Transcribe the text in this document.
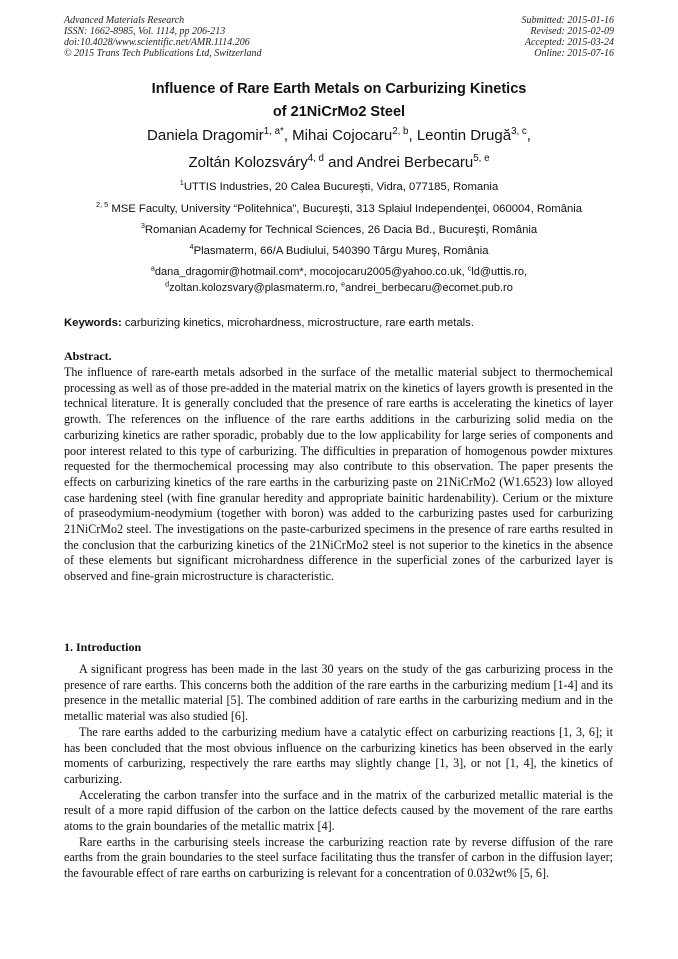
Advanced Materials Research
ISSN: 1662-8985, Vol. 1114, pp 206-213
doi:10.4028/www.scientific.net/AMR.1114.206
© 2015 Trans Tech Publications Ltd, Switzerland
Submitted: 2015-01-16
Revised: 2015-02-09
Accepted: 2015-03-24
Online: 2015-07-16
Influence of Rare Earth Metals on Carburizing Kinetics
of 21NiCrMo2 Steel
Daniela Dragomir$^{1, a*}$, Mihai Cojocaru$^{2, b}$, Leontin Drugă$^{3, c}$,
Zoltán Kolozsváry$^{4, d}$ and Andrei Berbecaru$^{5, e}$
$^1$UTTIS Industries, 20 Calea Bucureşti, Vidra, 077185, Romania
$^{2, 5}$ MSE Faculty, University “Politehnica”, Bucureşti, 313 Splaiul Independenţei, 060004, România
$^3$Romanian Academy for Technical Sciences, 26 Dacia Bd., Bucureşti, România
$^4$Plasmaterm, 66/A Budiului, 540390 Târgu Mureş, România
$^a$dana_dragomir@hotmail.com*, mocojocaru2005@yahoo.co.uk, $^c$ld@uttis.ro,
$^d$zoltan.kolozsvary@plasmaterm.ro, $^e$andrei_berbecaru@ecomet.pub.ro
Keywords: carburizing kinetics, microhardness, microstructure, rare earth metals.
Abstract.
The influence of rare-earth metals adsorbed in the surface of the metallic material subject to thermochemical processing as well as of those pre-added in the material matrix on the kinetics of layers growth is presented in the technical literature. It is generally concluded that the presence of rare earths is accelerating the kinetics of layer growth. The references on the influence of the rare earths additions in the carburizing solid media on the carburizing kinetics are rather sporadic, probably due to the low applicability for large series of components and poor interest related to this type of carburizing. The difficulties in preparation of homogenous powder mixtures requested for the thermochemical processing may also contribute to this observation. The paper presents the effects on carburizing kinetics of the rare earths in the carburizing paste on 21NiCrMo2 (W1.6523) low alloyed case hardening steel (with fine granular heredity and appropriate bainitic hardenability). Cerium or the mixture of praseodymium-neodymium (together with boron) was added to the carburizing pastes used for carburizing 21NiCrMo2 steel. The investigations on the paste-carburized specimens in the presence of rare earths resulted in the conclusion that the carburizing kinetics of the 21NiCrMo2 steel is not superior to the kinetics in the absence of these elements but significant microhardness difference in the superficial zones of the carburized layer is observed and fine-grain microstructure is characteristic.
1. Introduction

A significant progress has been made in the last 30 years on the study of the gas carburizing process in the presence of rare earths. This concerns both the addition of the rare earths in the carburizing medium [1-4] and its presence in the metallic material [5]. The combined addition of rare earths in the carburizing medium and in the metallic material was also studied [6].

The rare earths added to the carburizing medium have a catalytic effect on carburizing reactions [1, 3, 6]; it has been concluded that the most obvious influence on the carburizing kinetics has been observed in the early moments of carburizing, respectively the rare earths may slightly change [1, 3], or not [1, 4], the kinetics of carburizing.

Accelerating the carbon transfer into the surface and in the matrix of the carburized metallic material is the result of a more rapid diffusion of the carbon on the lattice defects caused by the movement of the rare earths atoms to the grain boundaries of the metallic matrix [4].

Rare earths in the carburising steels increase the carburizing reaction rate by reverse diffusion of the rare earths from the grain boundaries to the steel surface facilitating thus the transfer of carbon in the diffusion layer; the favourable effect of rare earths on carburizing is relevant for a concentration of 0.032wt% [5, 6].
